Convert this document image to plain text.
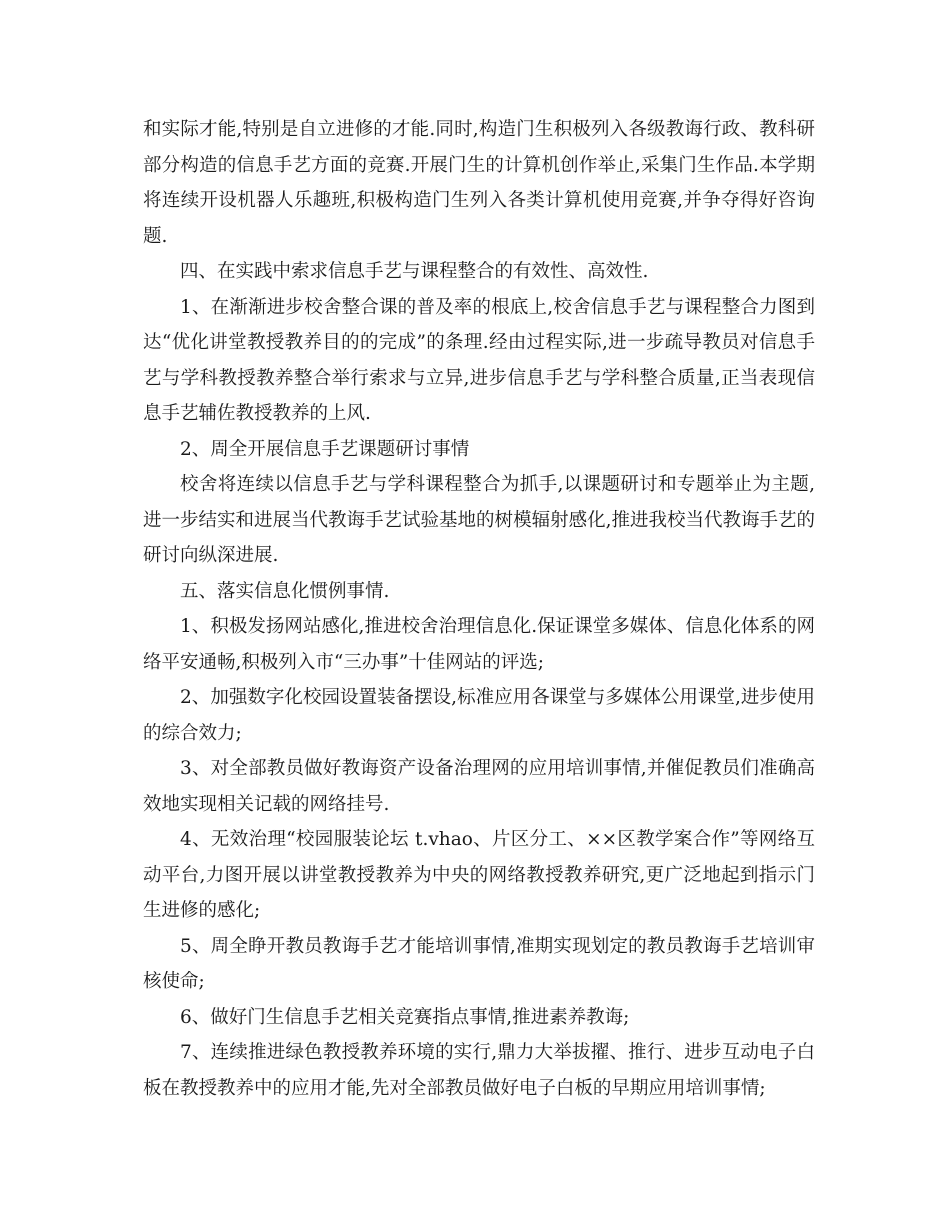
和实际才能,特别是自立进修的才能.同时,构造门生积极列入各级教诲行政、教科研部分构造的信息手艺方面的竞赛.开展门生的计算机创作举止,采集门生作品.本学期将连续开设机器人乐趣班,积极构造门生列入各类计算机使用竞赛,并争夺得好咨询题.

四、在实践中索求信息手艺与课程整合的有效性、高效性.

1、在渐渐进步校舍整合课的普及率的根底上,校舍信息手艺与课程整合力图到达“优化讲堂教授教养目的的完成”的条理.经由过程实际,进一步疏导教员对信息手艺与学科教授教养整合举行索求与立异,进步信息手艺与学科整合质量,正当表现信息手艺辅佐教授教养的上风.

2、周全开展信息手艺课题研讨事情

校舍将连续以信息手艺与学科课程整合为抓手,以课题研讨和专题举止为主题,进一步结实和进展当代教诲手艺试验基地的树模辐射感化,推进我校当代教诲手艺的研讨向纵深进展.

五、落实信息化惯例事情.

1、积极发扬网站感化,推进校舍治理信息化.保证课堂多媒体、信息化体系的网络平安通畅,积极列入市“三办事”十佳网站的评选;

2、加强数字化校园设置装备摆设,标准应用各课堂与多媒体公用课堂,进步使用的综合效力;

3、对全部教员做好教诲资产设备治理网的应用培训事情,并催促教员们准确高效地实现相关记载的网络挂号.

4、无效治理“校园服装论坛 t.vhao、片区分工、××区教学案合作”等网络互动平台,力图开展以讲堂教授教养为中央的网络教授教养研究,更广泛地起到指示门生进修的感化;

5、周全睁开教员教诲手艺才能培训事情,准期实现划定的教员教诲手艺培训审核使命;

6、做好门生信息手艺相关竞赛指点事情,推进素养教诲;

7、连续推进绿色教授教养环境的实行,鼎力大举拔擢、推行、进步互动电子白板在教授教养中的应用才能,先对全部教员做好电子白板的早期应用培训事情;
